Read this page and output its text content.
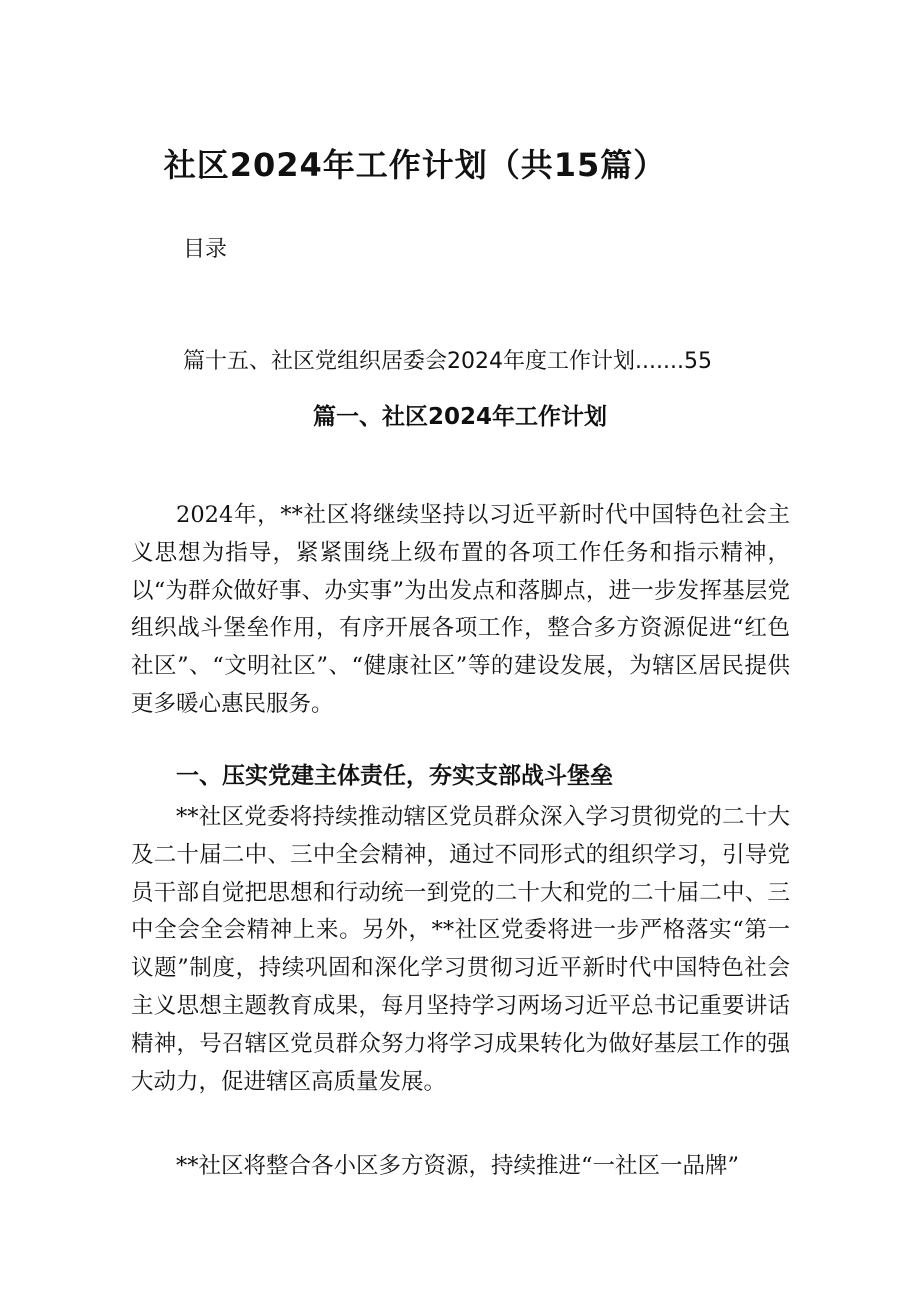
社区2024年工作计划（共15篇）
目录
篇十五、社区党组织居委会2024年度工作计划.......55
篇一、社区2024年工作计划

2024年，**社区将继续坚持以习近平新时代中国特色社会主义思想为指导，紧紧围绕上级布置的各项工作任务和指示精神，以“为群众做好事、办实事”为出发点和落脚点，进一步发挥基层党组织战斗堡垒作用，有序开展各项工作，整合多方资源促进“红色社区”、“文明社区”、“健康社区”等的建设发展，为辖区居民提供更多暖心惠民服务。

一、压实党建主体责任，夯实支部战斗堡垒

**社区党委将持续推动辖区党员群众深入学习贯彻党的二十大及二十届二中、三中全会精神，通过不同形式的组织学习，引导党员干部自觉把思想和行动统一到党的二十大和党的二十届二中、三中全会全会精神上来。另外，**社区党委将进一步严格落实“第一议题”制度，持续巩固和深化学习贯彻习近平新时代中国特色社会主义思想主题教育成果，每月坚持学习两场习近平总书记重要讲话精神，号召辖区党员群众努力将学习成果转化为做好基层工作的强大动力，促进辖区高质量发展。

**社区将整合各小区多方资源，持续推进“一社区一品牌”
